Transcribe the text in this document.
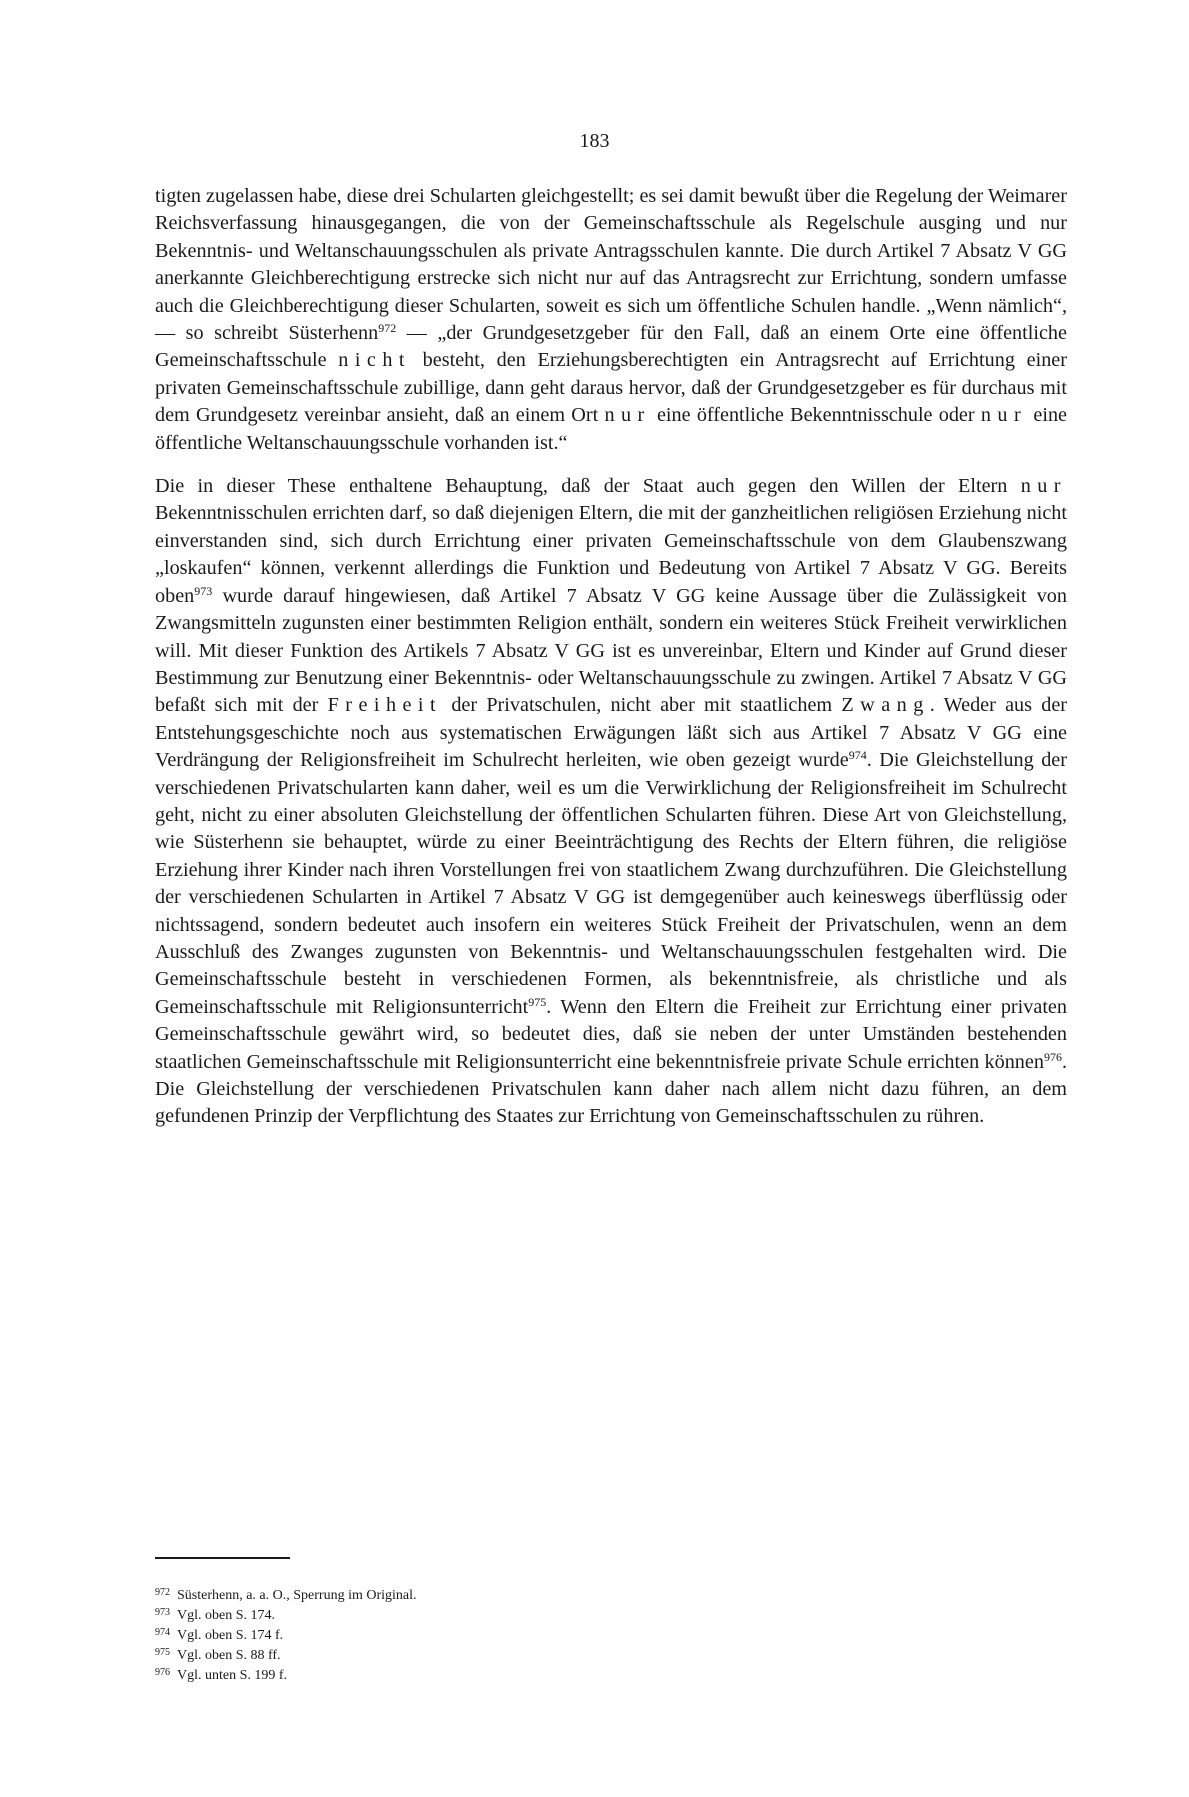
183

tigten zugelassen habe, diese drei Schularten gleichgestellt; es sei damit bewußt über die Regelung der Weimarer Reichsverfassung hinausgegangen, die von der Gemeinschaftsschule als Regelschule ausging und nur Bekenntnis- und Weltanschauungsschulen als private Antragsschulen kannte. Die durch Artikel 7 Absatz V GG anerkannte Gleichberechtigung erstrecke sich nicht nur auf das Antragsrecht zur Errichtung, sondern umfasse auch die Gleichberechtigung dieser Schularten, soweit es sich um öffentliche Schulen handle. „Wenn nämlich“, — so schreibt Süsterhenn$^{972}$ — „der Grundgesetzgeber für den Fall, daß an einem Orte eine öffentliche Gemeinschaftsschule nicht besteht, den Erziehungsberechtigten ein Antragsrecht auf Errichtung einer privaten Gemeinschaftsschule zubillige, dann geht daraus hervor, daß der Grundgesetzgeber es für durchaus mit dem Grundgesetz vereinbar ansieht, daß an einem Ort nur eine öffentliche Bekenntnisschule oder nur eine öffentliche Weltanschauungsschule vorhanden ist.“

Die in dieser These enthaltene Behauptung, daß der Staat auch gegen den Willen der Eltern nur Bekenntnisschulen errichten darf, so daß diejenigen Eltern, die mit der ganzheitlichen religiösen Erziehung nicht einverstanden sind, sich durch Errichtung einer privaten Gemeinschaftsschule von dem Glaubenszwang „loskaufen“ können, verkennt allerdings die Funktion und Bedeutung von Artikel 7 Absatz V GG. Bereits oben$^{973}$ wurde darauf hingewiesen, daß Artikel 7 Absatz V GG keine Aussage über die Zulässigkeit von Zwangsmitteln zugunsten einer bestimmten Religion enthält, sondern ein weiteres Stück Freiheit verwirklichen will. Mit dieser Funktion des Artikels 7 Absatz V GG ist es unvereinbar, Eltern und Kinder auf Grund dieser Bestimmung zur Benutzung einer Bekenntnis- oder Weltanschauungsschule zu zwingen. Artikel 7 Absatz V GG befaßt sich mit der Freiheit der Privatschulen, nicht aber mit staatlichem Zwang. Weder aus der Entstehungsgeschichte noch aus systematischen Erwägungen läßt sich aus Artikel 7 Absatz V GG eine Verdrängung der Religionsfreiheit im Schulrecht herleiten, wie oben gezeigt wurde$^{974}$. Die Gleichstellung der verschiedenen Privatschularten kann daher, weil es um die Verwirklichung der Religionsfreiheit im Schulrecht geht, nicht zu einer absoluten Gleichstellung der öffentlichen Schularten führen. Diese Art von Gleichstellung, wie Süsterhenn sie behauptet, würde zu einer Beeinträchtigung des Rechts der Eltern führen, die religiöse Erziehung ihrer Kinder nach ihren Vorstellungen frei von staatlichem Zwang durchzuführen. Die Gleichstellung der verschiedenen Schularten in Artikel 7 Absatz V GG ist demgegenüber auch keineswegs überflüssig oder nichtssagend, sondern bedeutet auch insofern ein weiteres Stück Freiheit der Privatschulen, wenn an dem Ausschluß des Zwanges zugunsten von Bekenntnis- und Weltanschauungsschulen festgehalten wird. Die Gemeinschaftsschule besteht in verschiedenen Formen, als bekenntnisfreie, als christliche und als Gemeinschaftsschule mit Religionsunterricht$^{975}$. Wenn den Eltern die Freiheit zur Errichtung einer privaten Gemeinschaftsschule gewährt wird, so bedeutet dies, daß sie neben der unter Umständen bestehenden staatlichen Gemeinschaftsschule mit Religionsunterricht eine bekenntnisfreie private Schule errichten können$^{976}$. Die Gleichstellung der verschiedenen Privatschulen kann daher nach allem nicht dazu führen, an dem gefundenen Prinzip der Verpflichtung des Staates zur Errichtung von Gemeinschaftsschulen zu rühren.

972 Süsterhenn, a. a. O., Sperrung im Original.
973 Vgl. oben S. 174.
974 Vgl. oben S. 174 f.
975 Vgl. oben S. 88 ff.
976 Vgl. unten S. 199 f.
